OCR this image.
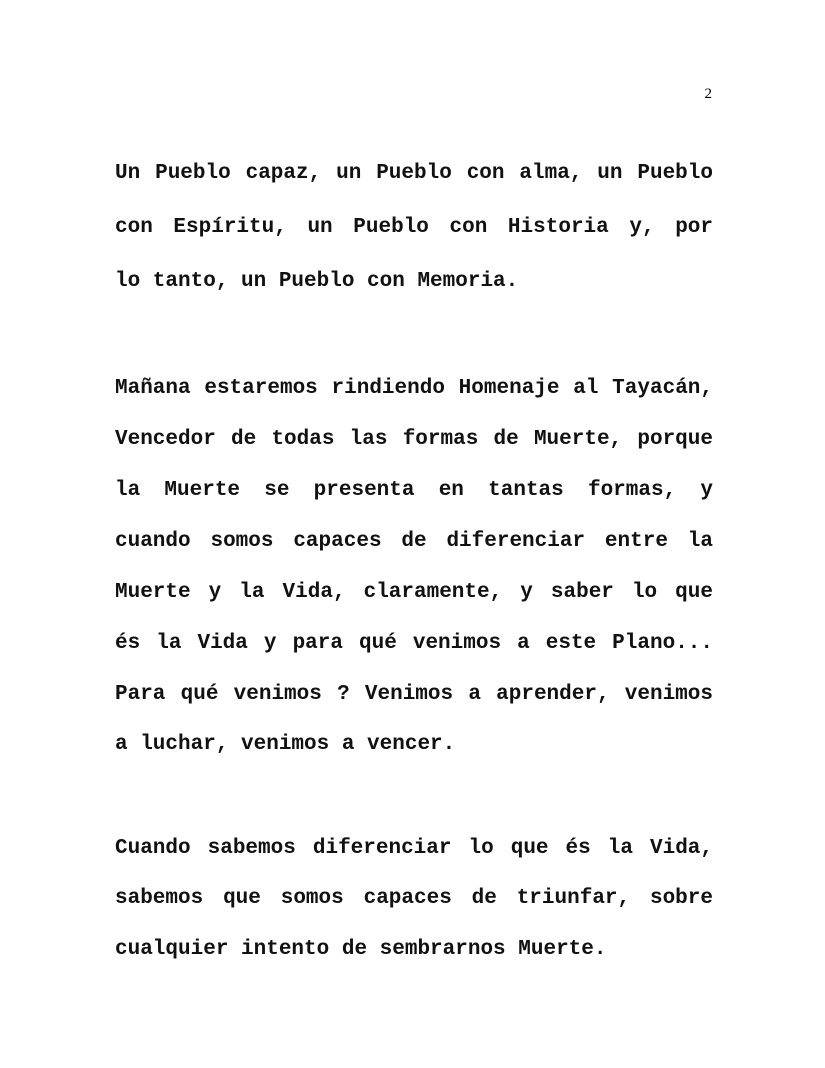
2
Un Pueblo capaz, un Pueblo con alma, un Pueblo
con Espíritu, un Pueblo con Historia y, por
lo tanto, un Pueblo con Memoria.
Mañana estaremos rindiendo Homenaje al Tayacán,
Vencedor de todas las formas de Muerte, porque
la Muerte se presenta en tantas formas, y
cuando somos capaces de diferenciar entre la
Muerte y la Vida, claramente, y saber lo que
és la Vida y para qué venimos a este Plano...
Para qué venimos ? Venimos a aprender, venimos
a luchar, venimos a vencer.
Cuando sabemos diferenciar lo que és la Vida,
sabemos que somos capaces de triunfar, sobre
cualquier intento de sembrarnos Muerte.
